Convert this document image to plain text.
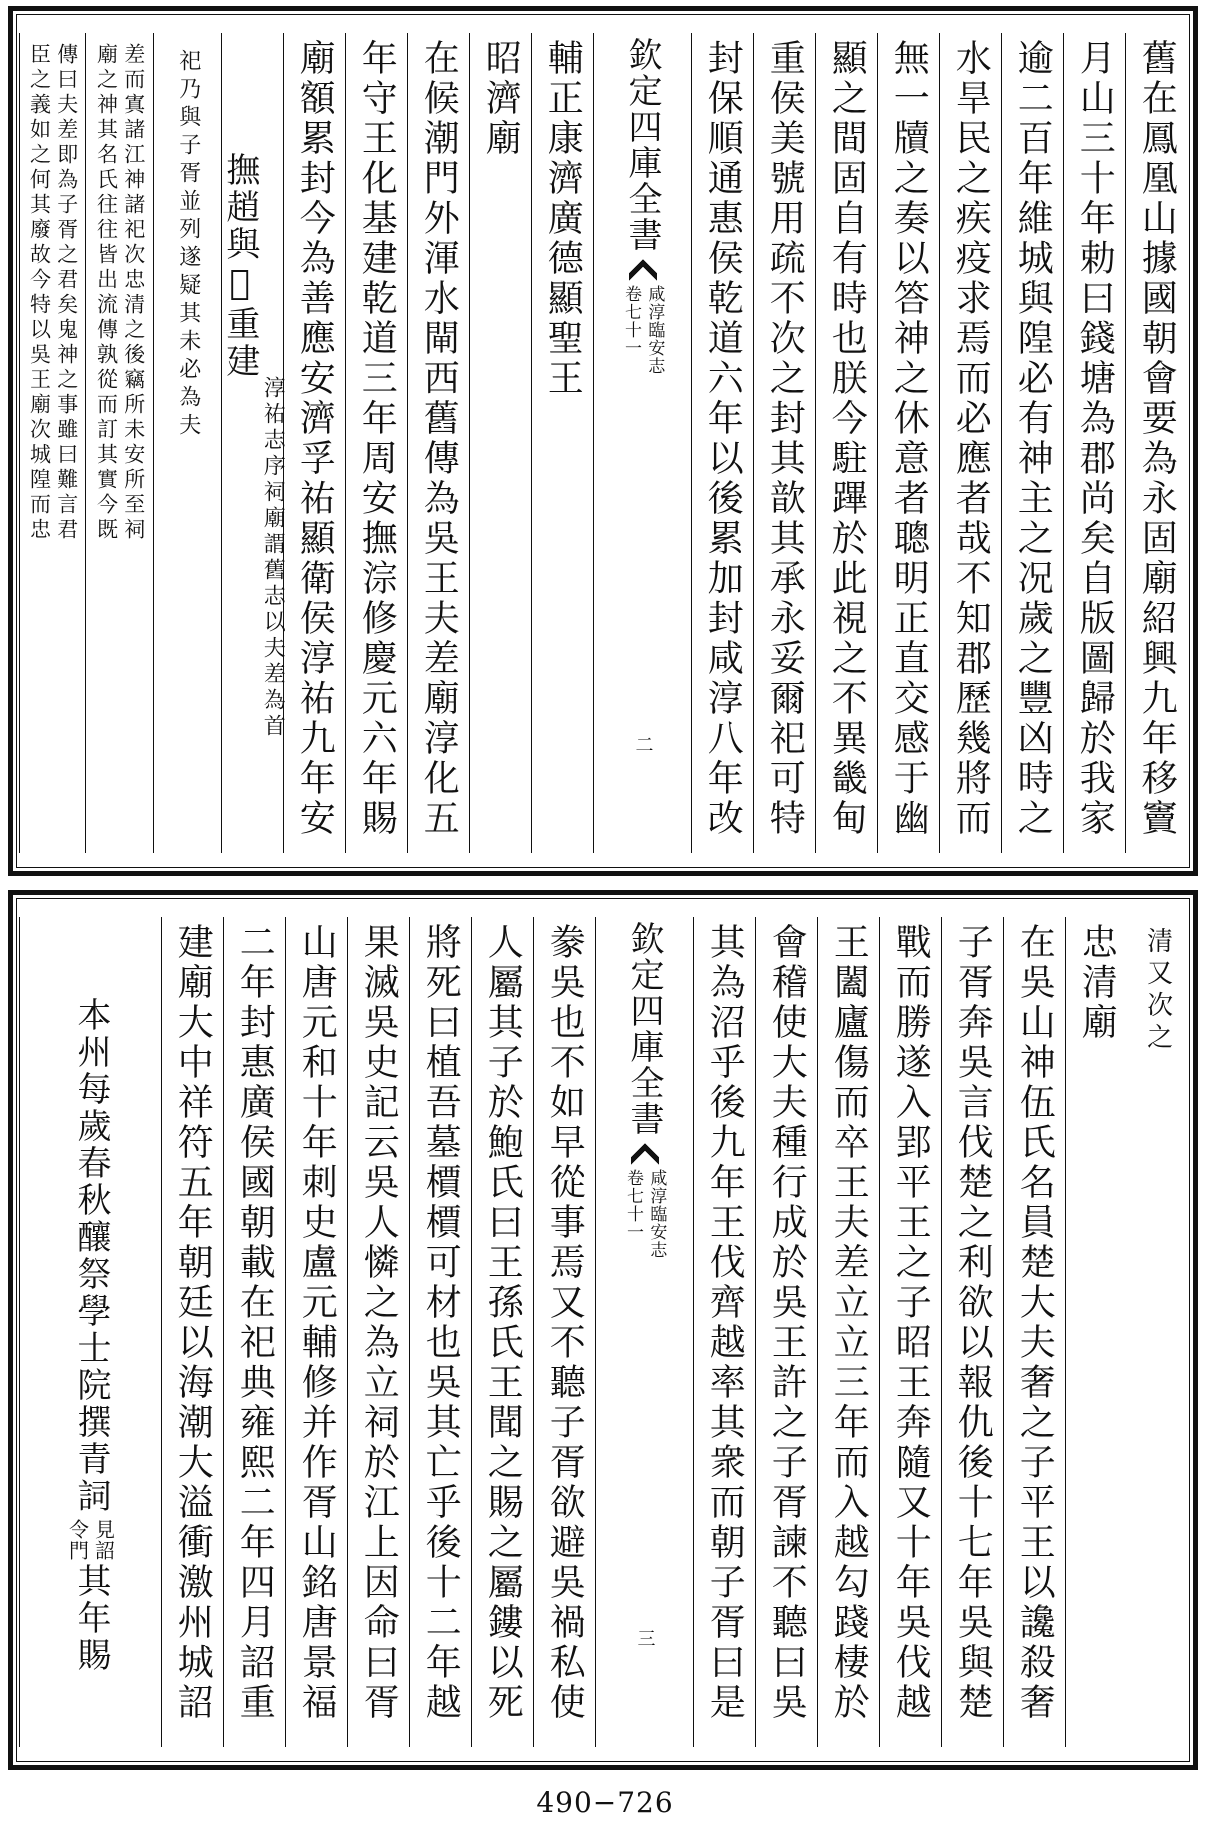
舊在鳳凰山據國朝會要為永固廟紹興九年移竇
月山三十年勅曰錢塘為郡尚矣自版圖歸於我家
逾二百年維城與隍必有神主之况歲之豐凶時之
水旱民之疾疫求焉而必應者哉不知郡歷幾將而
無一牘之奏以答神之休意者聰明正直交感于幽
顯之間固自有時也朕今駐蹕於此視之不異畿甸
重侯美號用疏不次之封其歆其承永妥爾祀可特
封保順通惠侯乾道六年以後累加封咸淳八年改
欽定四庫全書
咸淳臨安志
卷七十一
二
輔正康濟廣德顯聖王
昭濟廟
在候潮門外渾水閘西舊傳為吳王夫差廟淳化五
年守王化基建乾道三年周安撫淙修慶元六年賜
廟額累封今為善應安濟孚祐顯衛侯淳祐九年安
撫趙與𥲅重建
淳祐志序祠廟謂舊志以夫差為首
祀乃與子胥並列遂疑其未必為夫
差而寘諸江神諸祀次忠清之後竊所未安所至祠
廟之神其名氏往往皆出流傳孰從而訂其實今既
傳曰夫差即為子胥之君矣鬼神之事雖曰難言君
臣之義如之何其廢故今特以吳王廟次城隍而忠
清又次之
忠清廟
在吳山神伍氏名員楚大夫奢之子平王以讒殺奢
子胥奔吳言伐楚之利欲以報仇後十七年吳與楚
戰而勝遂入郢平王之子昭王奔隨又十年吳伐越
王闔廬傷而卒王夫差立立三年而入越勾踐棲於
會稽使大夫種行成於吳王許之子胥諫不聽曰吳
其為沼乎後九年王伐齊越率其衆而朝子胥曰是
欽定四庫全書
咸淳臨安志
卷七十一
三
豢吳也不如早從事焉又不聽子胥欲避吳禍私使
人屬其子於鮑氏曰王孫氏王聞之賜之屬鏤以死
將死曰植吾墓檟檟可材也吳其亡乎後十二年越
果滅吳史記云吳人憐之為立祠於江上因命曰胥
山唐元和十年刺史盧元輔修并作胥山銘唐景福
二年封惠廣侯國朝載在祀典雍熙二年四月詔重
建廟大中祥符五年朝廷以海潮大溢衝激州城詔
本州每歲春秋釀祭學士院撰青詞
見詔
令門
其年賜
490−726
